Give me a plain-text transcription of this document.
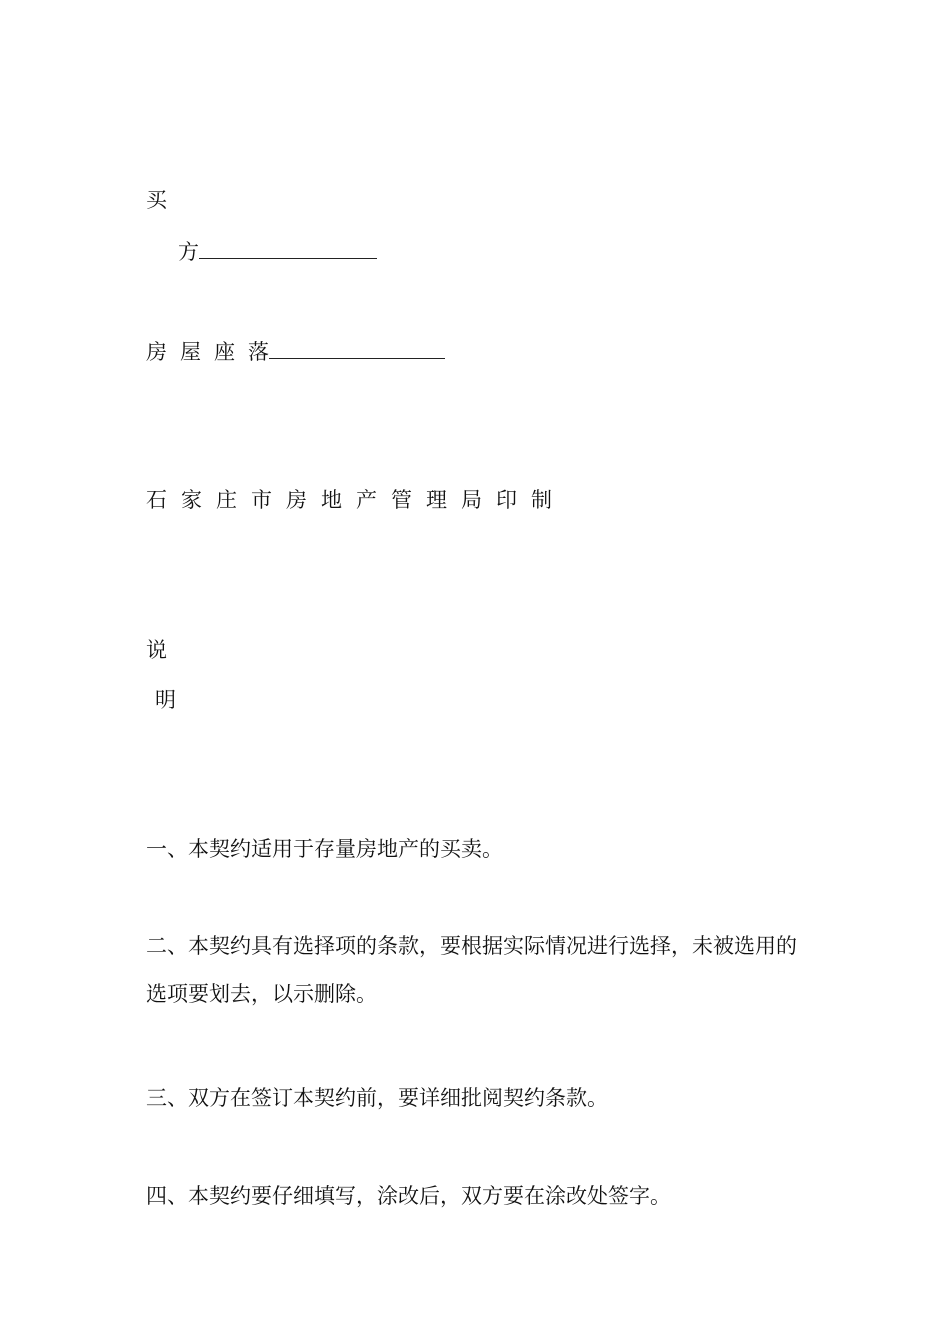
买
方
房屋座落
石家庄市房地产管理局印制
说
明
一、本契约适用于存量房地产的买卖。
二、本契约具有选择项的条款，要根据实际情况进行选择，未被选用的选项要划去，以示删除。
三、双方在签订本契约前，要详细批阅契约条款。
四、本契约要仔细填写，涂改后，双方要在涂改处签字。
